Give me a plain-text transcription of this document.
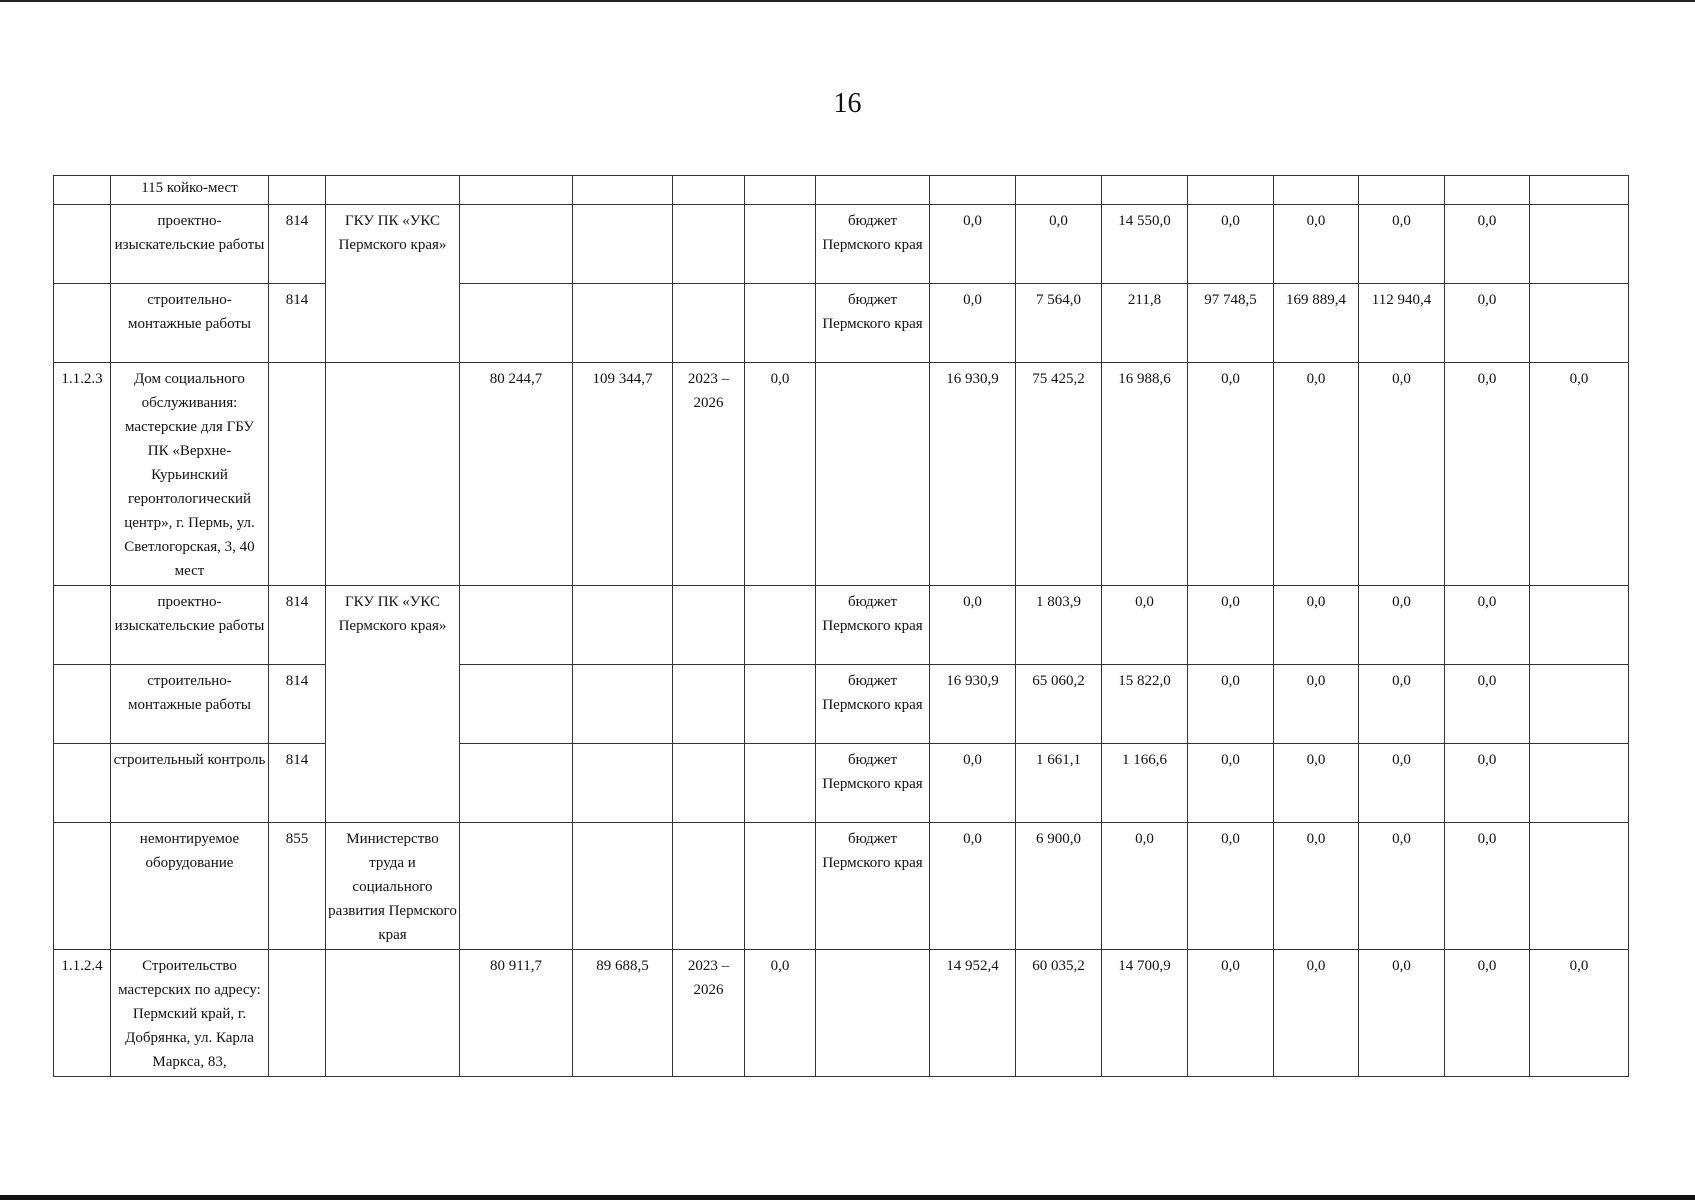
16
	115 койко-мест															
	проектно-изыскательские работы	814	ГКУ ПК «УКС Пермского края»					бюджет Пермского края	0,0	0,0	14 550,0	0,0	0,0	0,0	0,0	
	строительно-монтажные работы	814						бюджет Пермского края	0,0	7 564,0	211,8	97 748,5	169 889,4	112 940,4	0,0	
1.1.2.3	Дом социального обслуживания: мастерские для ГБУ ПК «Верхне-Курьинский геронтологический центр», г. Пермь, ул. Светлогорская, 3, 40 мест			80 244,7	109 344,7	2023 – 2026	0,0		16 930,9	75 425,2	16 988,6	0,0	0,0	0,0	0,0	0,0
	проектно-изыскательские работы	814	ГКУ ПК «УКС Пермского края»					бюджет Пермского края	0,0	1 803,9	0,0	0,0	0,0	0,0	0,0	
	строительно-монтажные работы	814						бюджет Пермского края	16 930,9	65 060,2	15 822,0	0,0	0,0	0,0	0,0	
	строительный контроль	814						бюджет Пермского края	0,0	1 661,1	1 166,6	0,0	0,0	0,0	0,0	
	немонтируемое оборудование	855	Министерство труда и социального развития Пермского края					бюджет Пермского края	0,0	6 900,0	0,0	0,0	0,0	0,0	0,0	
1.1.2.4	Строительство мастерских по адресу: Пермский край, г. Добрянка, ул. Карла Маркса, 83,			80 911,7	89 688,5	2023 – 2026	0,0		14 952,4	60 035,2	14 700,9	0,0	0,0	0,0	0,0	0,0
